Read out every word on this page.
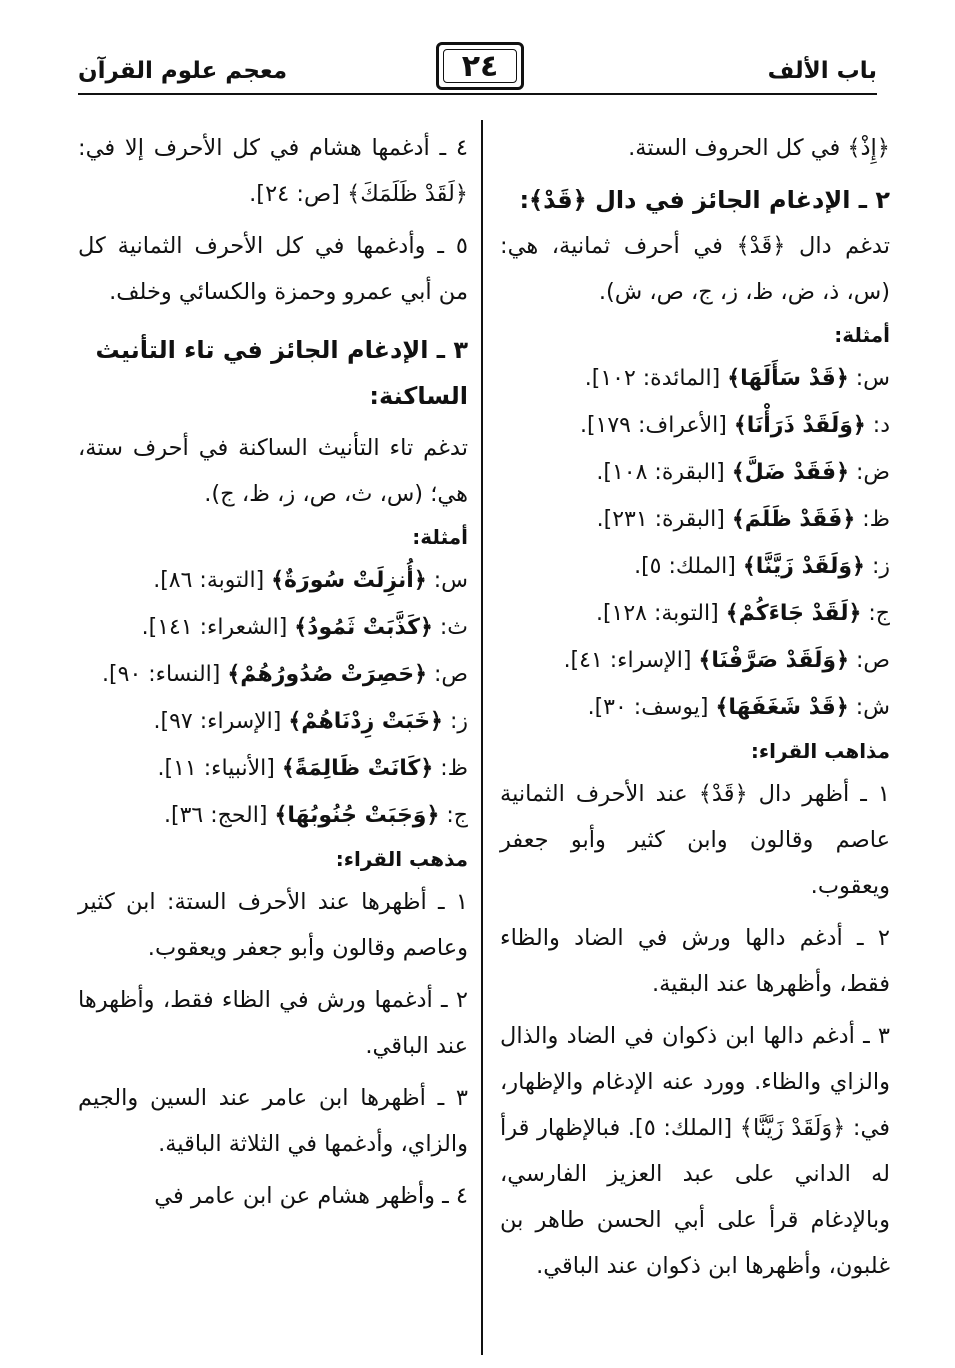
باب الألف
٢٤
معجم علوم القرآن

﴿إِذْ﴾ في كل الحروف الستة.

٢ ـ الإدغام الجائز في دال ﴿قَدْ﴾:

تدغم دال ﴿قَدْ﴾ في أحرف ثمانية، هي: (س، ذ، ض، ظ، ز، ج، ص، ش).

أمثلة:

س: ﴿قَدْ سَأَلَهَا﴾ [المائدة: ١٠٢].

د: ﴿وَلَقَدْ ذَرَأْنَا﴾ [الأعراف: ١٧٩].

ض: ﴿فَقَدْ ضَلَّ﴾ [البقرة: ١٠٨].

ظ: ﴿فَقَدْ ظَلَمَ﴾ [البقرة: ٢٣١].

ز: ﴿وَلَقَدْ زَيَّنَّا﴾ [الملك: ٥].

ج: ﴿لَقَدْ جَاءَكُمْ﴾ [التوبة: ١٢٨].

ص: ﴿وَلَقَدْ صَرَّفْنَا﴾ [الإسراء: ٤١].

ش: ﴿قَدْ شَغَفَهَا﴾ [يوسف: ٣٠].

مذاهب القراء:

١ ـ أظهر دال ﴿قَدْ﴾ عند الأحرف الثمانية عاصم وقالون وابن كثير وأبو جعفر ويعقوب.

٢ ـ أدغم دالها ورش في الضاد والظاء فقط، وأظهرها عند البقية.

٣ ـ أدغم دالها ابن ذكوان في الضاد والذال والزاي والظاء. وورد عنه الإدغام والإظهار، في: ﴿وَلَقَدْ زَيَّنَّا﴾ [الملك: ٥]. فبالإظهار قرأ له الداني على عبد العزيز الفارسي، وبالإدغام قرأ على أبي الحسن طاهر بن غلبون، وأظهرها ابن ذكوان عند الباقي.

٤ ـ أدغمها هشام في كل الأحرف إلا في: ﴿لَقَدْ ظَلَمَكَ﴾ [ص: ٢٤].

٥ ـ وأدغمها في كل الأحرف الثمانية كل من أبي عمرو وحمزة والكسائي وخلف.

٣ ـ الإدغام الجائز في تاء التأنيث الساكنة:

تدغم تاء التأنيث الساكنة في أحرف ستة، هي؛ (س، ث، ص، ز، ظ، ج).

أمثلة:

س: ﴿أُنزِلَتْ سُورَةٌ﴾ [التوبة: ٨٦].

ث: ﴿كَذَّبَتْ ثَمُودُ﴾ [الشعراء: ١٤١].

ص: ﴿حَصِرَتْ صُدُورُهُمْ﴾ [النساء: ٩٠].

ز: ﴿خَبَتْ زِدْنَاهُمْ﴾ [الإسراء: ٩٧].

ظ: ﴿كَانَتْ ظَالِمَةً﴾ [الأنبياء: ١١].

ج: ﴿وَجَبَتْ جُنُوبُهَا﴾ [الحج: ٣٦].

مذهب القراء:

١ ـ أظهرها عند الأحرف الستة: ابن كثير وعاصم وقالون وأبو جعفر ويعقوب.

٢ ـ أدغمها ورش في الظاء فقط، وأظهرها عند الباقي.

٣ ـ أظهرها ابن عامر عند السين والجيم والزاي، وأدغمها في الثلاثة الباقية.

٤ ـ وأظهر هشام عن ابن عامر في
